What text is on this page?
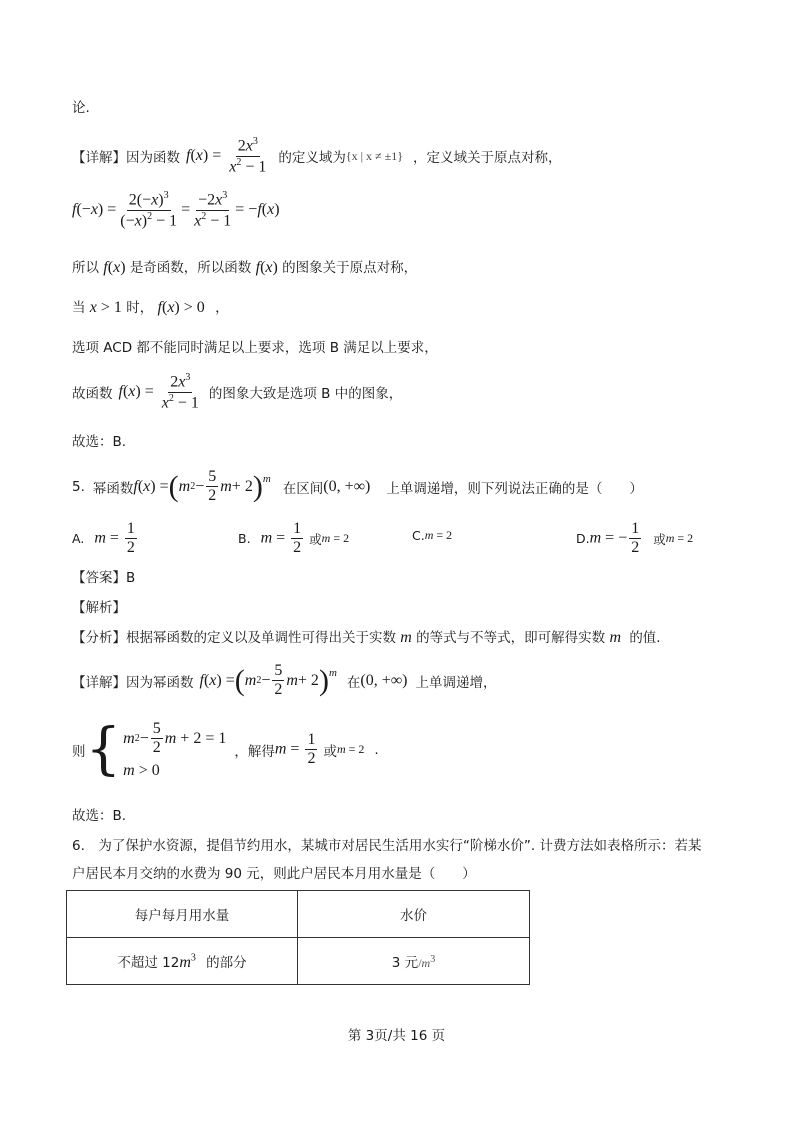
论.
【详解】因为函数 $f(x) = \frac{2x^3}{x^2 - 1}$ 的定义域为 {x | x ≠ ±1} ，定义域关于原点对称，
$f(-x) = \frac{2(-x)^3}{(-x)^2 - 1} = \frac{-2x^3}{x^2 - 1} = -f(x)$
所以 f(x) 是奇函数，所以函数 f(x) 的图象关于原点对称，
当 x > 1 时， f(x) > 0 ，
选项 ACD 都不能同时满足以上要求，选项 B 满足以上要求，
故函数 $f(x) = \frac{2x^3}{x^2 - 1}$ 的图象大致是选项 B 中的图象，
故选：B.
5. 幂函数 f ( x ) = ( m $2 - \frac{5}{2}$ m + 2 ) m
在区间 (0, +∞) 上单调递增，则下列说法正确的是（　　）
A. $m = \frac{1}{2}$	B. $m = \frac{1}{2}$ 或 m = 2	C. m = 2	D. m = − $\frac{1}{2}$ 或 m = 2
【答案】B
【解析】
【分析】根据幂函数的定义以及单调性可得出关于实数 m 的等式与不等式，即可解得实数 m 的值.
【详解】因为幂函数 f ( x ) = ( m $2 - \frac{5}{2}$ m + 2 ) m
在 (0, +∞) 上单调递增，
则 { m $2 - \frac{5}{2}$ m + 2 = 1
m > 0
，解得 $m = \frac{1}{2}$ 或 m = 2 .
故选：B.
6.　为了保护水资源，提倡节约用水，某城市对居民生活用水实行“阶梯水价”. 计费方法如表格所示：若某
户居民本月交纳的水费为 90 元，则此户居民本月用水量是（　　）
每户每月用水量	水价
不超过 $12m^3$ 的部分	3 元$/m^3$
第 3页/共 16 页
